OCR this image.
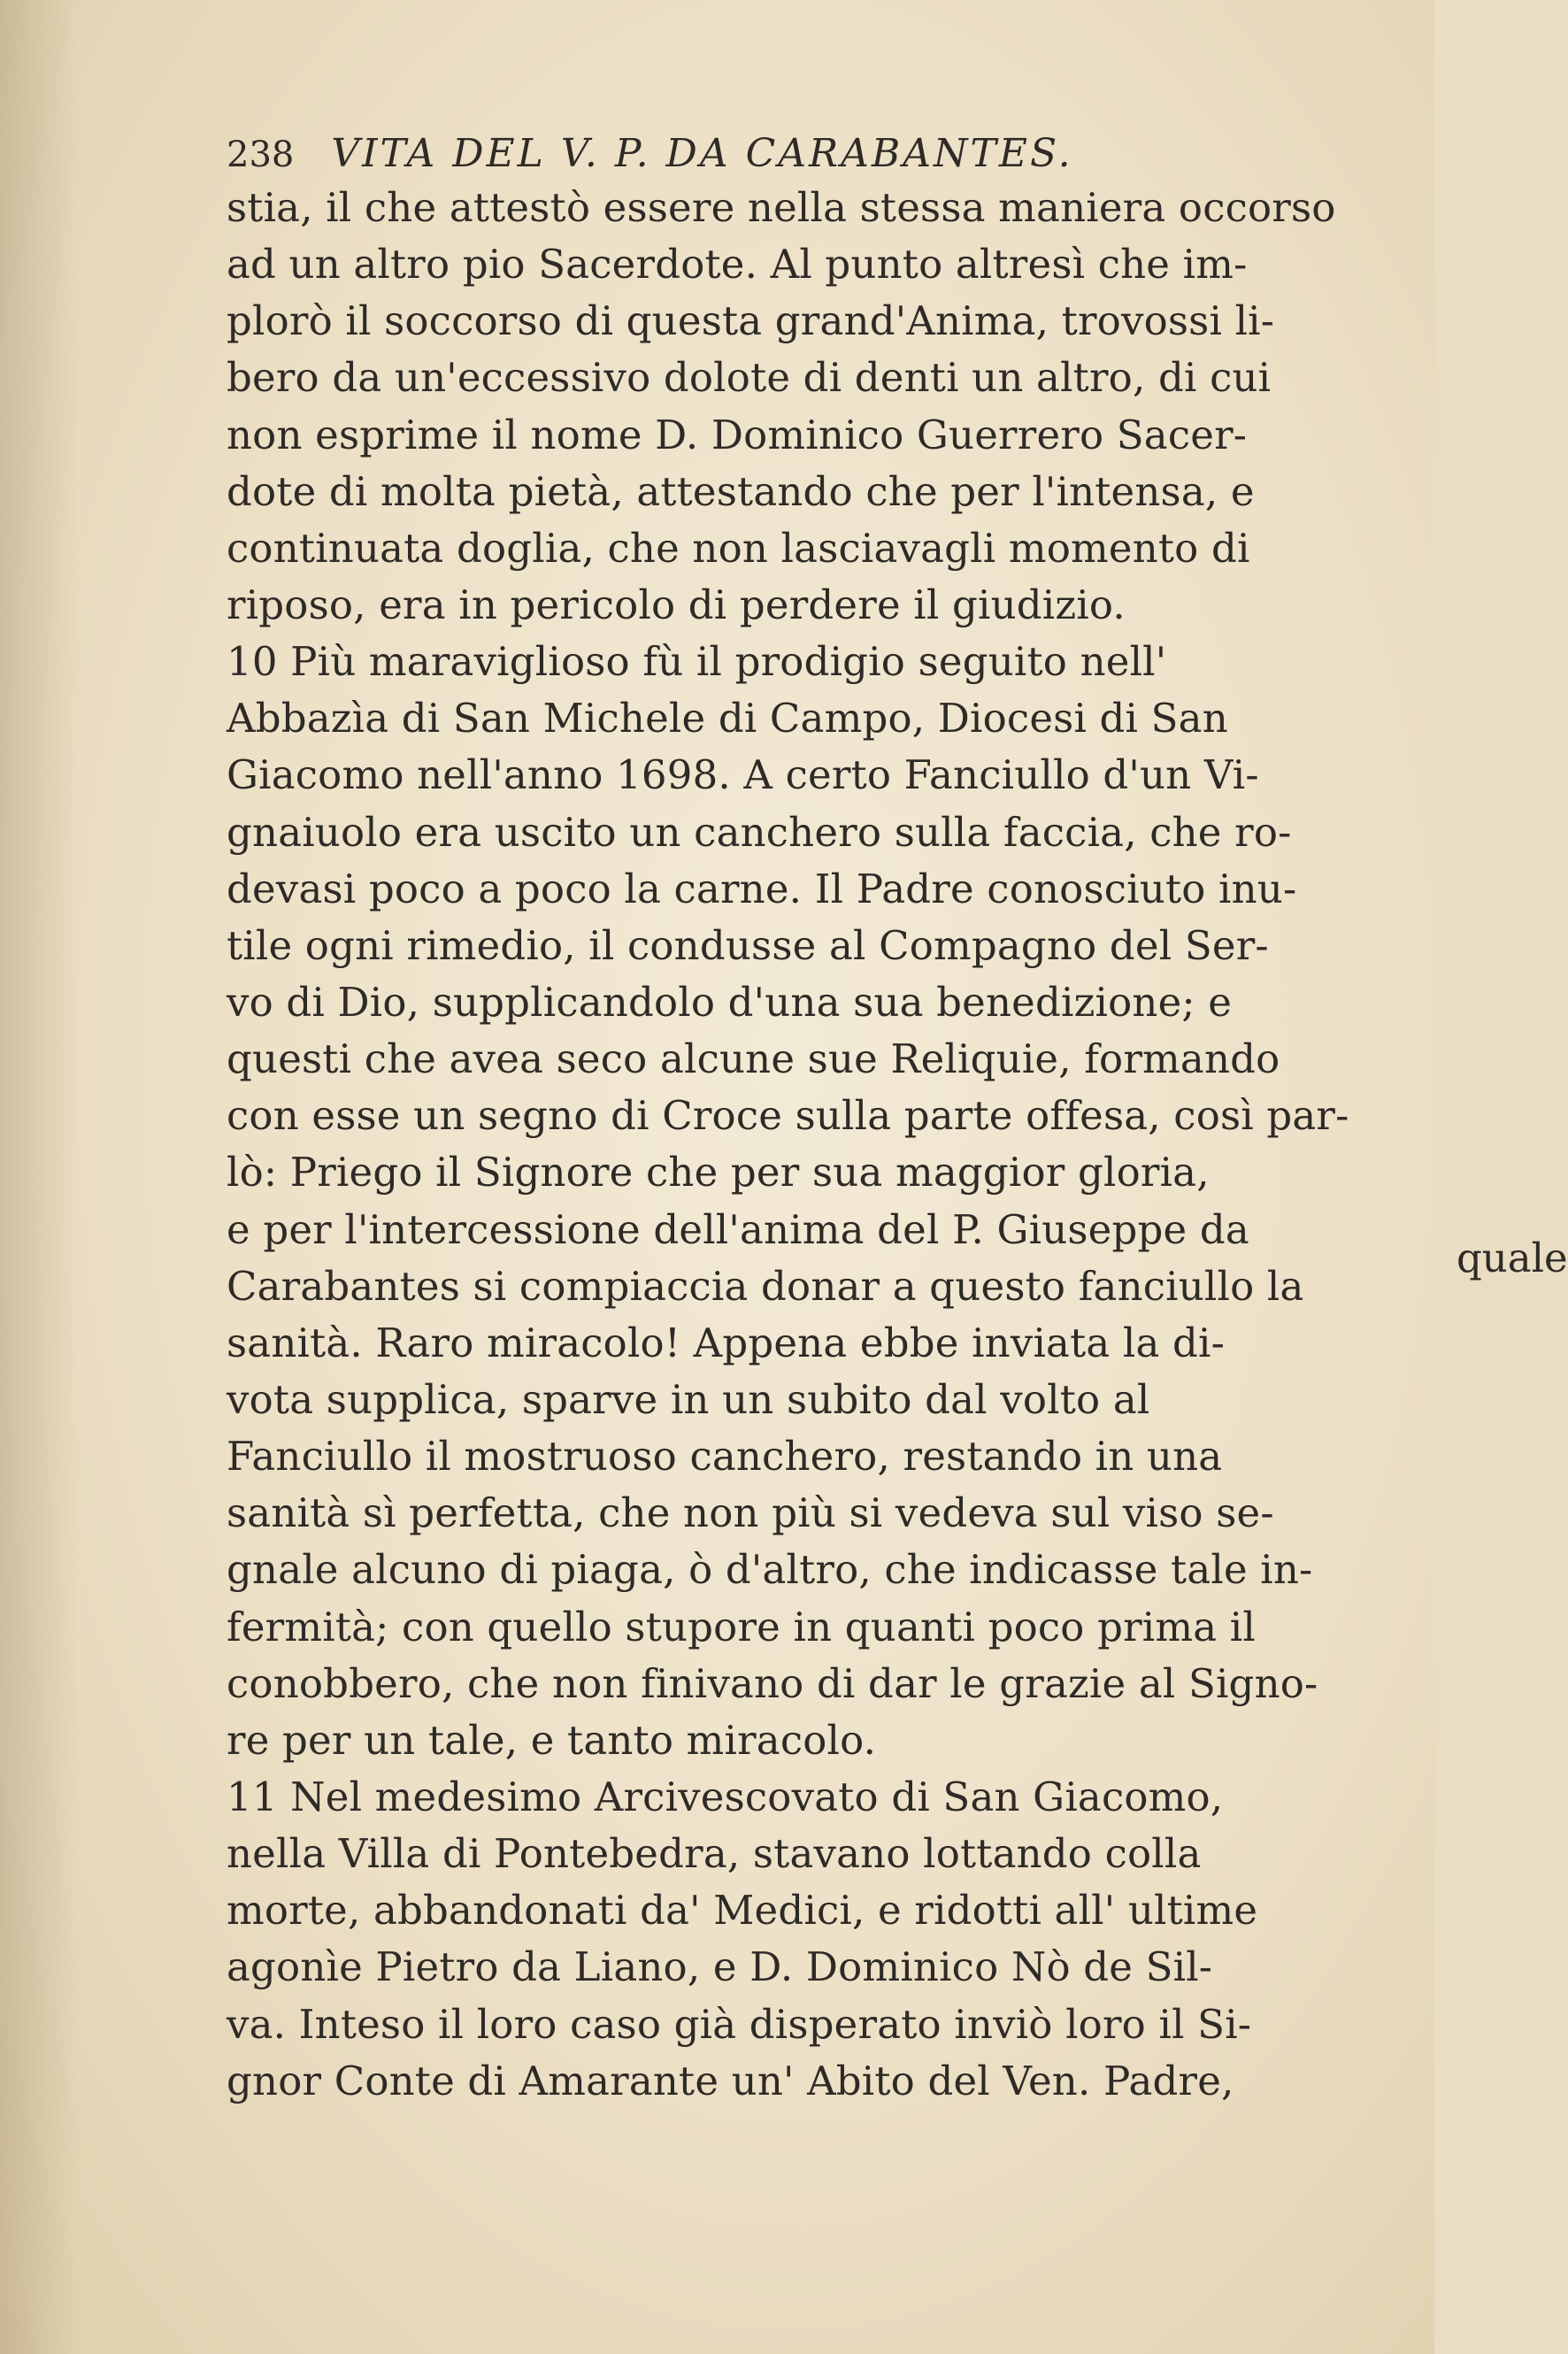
238 VITA DEL V. P. DA CARABANTES.
stia, il che attestò essere nella stessa maniera occorso
ad un altro pio Sacerdote. Al punto altresì che im-
plorò il soccorso di questa grand'Anima, trovossi li-
bero da un'eccessivo dolote di denti un altro, di cui
non esprime il nome D. Dominico Guerrero Sacer-
dote di molta pietà, attestando che per l'intensa, e
continuata doglia, che non lasciavagli momento di
riposo, era in pericolo di perdere il giudizio.
10 Più maraviglioso fù il prodigio seguito nell'
Abbazìa di San Michele di Campo, Diocesi di San
Giacomo nell'anno 1698. A certo Fanciullo d'un Vi-
gnaiuolo era uscito un canchero sulla faccia, che ro-
devasi poco a poco la carne. Il Padre conosciuto inu-
tile ogni rimedio, il condusse al Compagno del Ser-
vo di Dio, supplicandolo d'una sua benedizione; e
questi che avea seco alcune sue Reliquie, formando
con esse un segno di Croce sulla parte offesa, così par-
lò: Priego il Signore che per sua maggior gloria,
e per l'intercessione dell'anima del P. Giuseppe da
Carabantes si compiaccia donar a questo fanciullo la
sanità. Raro miracolo! Appena ebbe inviata la di-
vota supplica, sparve in un subito dal volto al
Fanciullo il mostruoso canchero, restando in una
sanità sì perfetta, che non più si vedeva sul viso se-
gnale alcuno di piaga, ò d'altro, che indicasse tale in-
fermità; con quello stupore in quanti poco prima il
conobbero, che non finivano di dar le grazie al Signo-
re per un tale, e tanto miracolo.
11 Nel medesimo Arcivescovato di San Giacomo,
nella Villa di Pontebedra, stavano lottando colla
morte, abbandonati da' Medici, e ridotti all' ultime
agonìe Pietro da Liano, e D. Dominico Nò de Sil-
va. Inteso il loro caso già disperato inviò loro il Si-
gnor Conte di Amarante un' Abito del Ven. Padre,
quale
